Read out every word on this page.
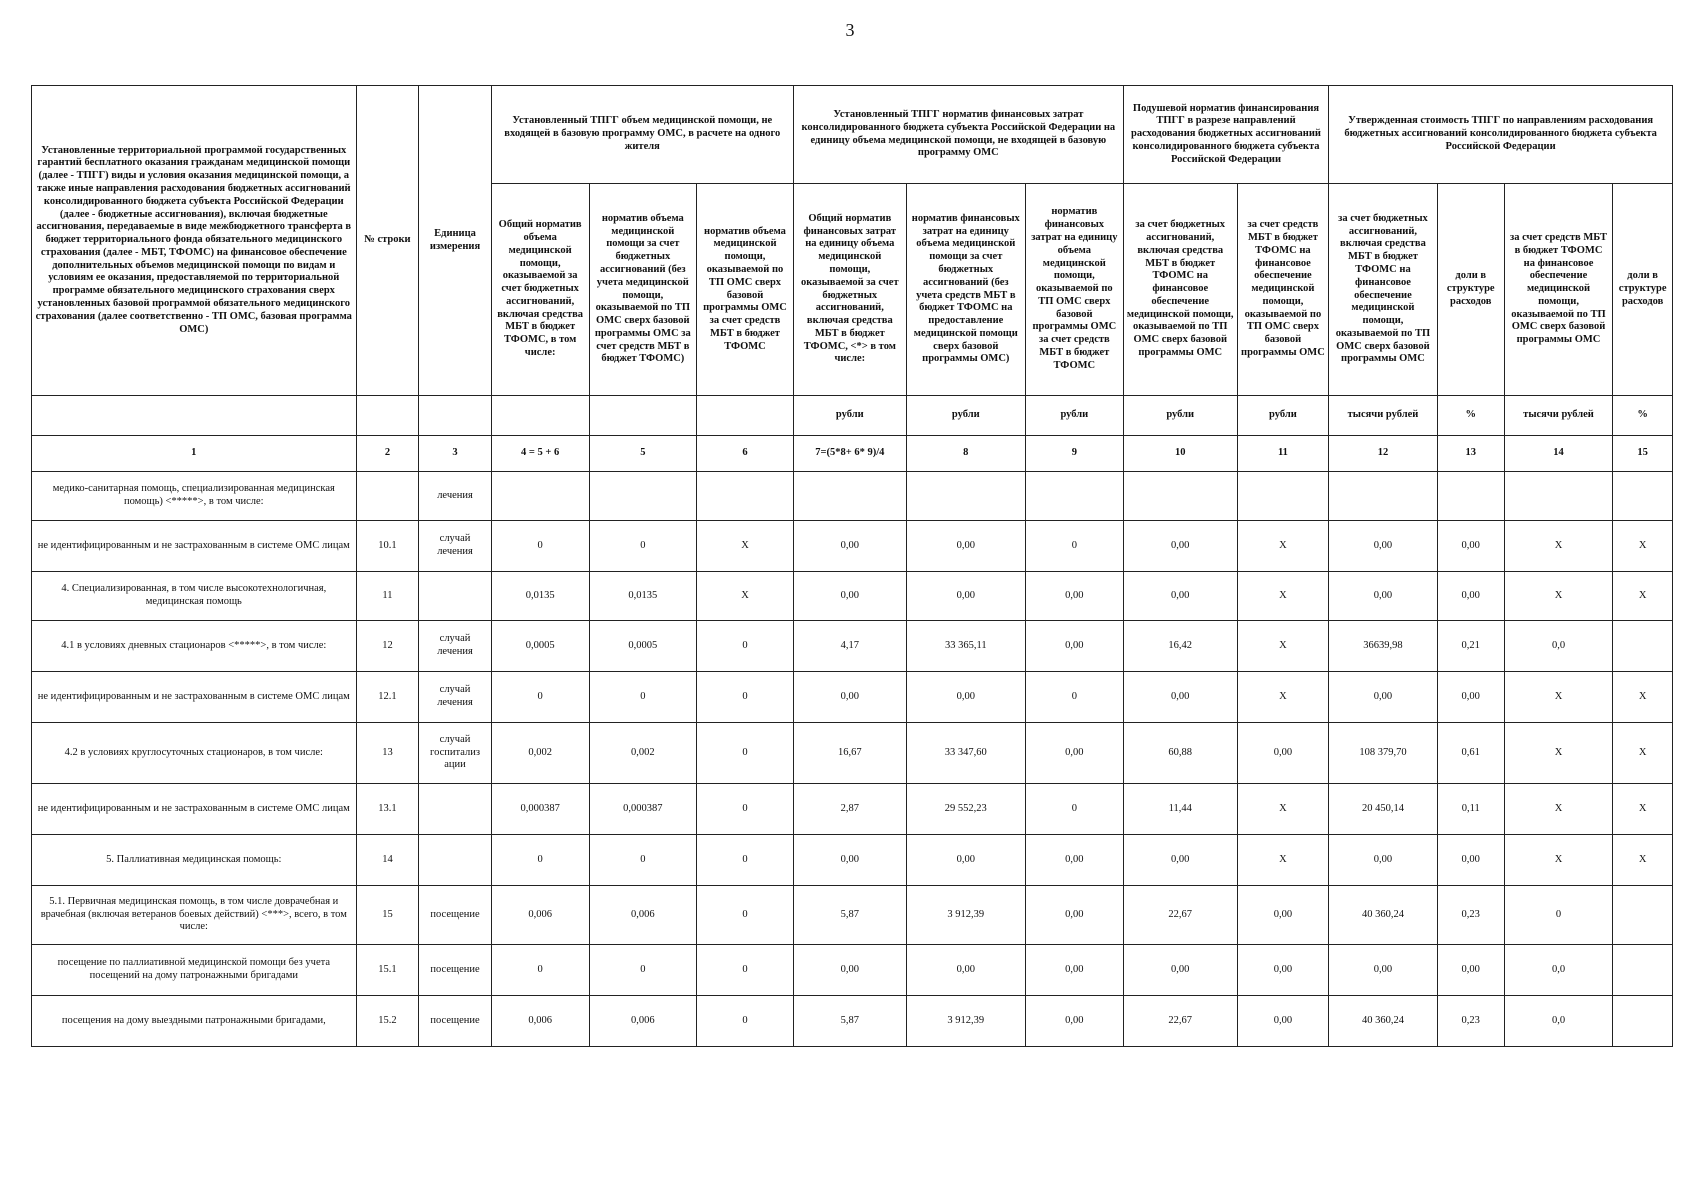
3
Установленные территориальной программой государственных гарантий бесплатного оказания гражданам медицинской помощи (далее - ТПГГ) виды и условия оказания медицинской помощи, а также иные направления расходования бюджетных ассигнований консолидированного бюджета субъекта Российской Федерации (далее - бюджетные ассигнования), включая бюджетные ассигнования, передаваемые в виде межбюджетного трансферта в бюджет территориального фонда обязательного медицинского страхования (далее - МБТ, ТФОМС) на финансовое обеспечение дополнительных объемов медицинской помощи по видам и условиям ее оказания, предоставляемой по территориальной программе обязательного медицинского страхования сверх установленных базовой программой обязательного медицинского страхования (далее соответственно - ТП ОМС, базовая программа ОМС)	№ строки	Единица измерения	Установленный ТПГГ объем медицинской помощи, не входящей в базовую программу ОМС, в расчете на одного жителя			Установленный ТПГГ норматив финансовых затрат консолидированного бюджета субъекта Российской Федерации на единицу объема медицинской помощи, не входящей в базовую программу ОМС			Подушевой норматив финансирования ТПГГ в разрезе направлений расходования бюджетных ассигнований консолидированного бюджета субъекта Российской Федерации		Утвержденная стоимость ТПГГ по направлениям расходования бюджетных ассигнований консолидированного бюджета субъекта Российской Федерации			
			Общий норматив объема медицинской помощи, оказываемой за счет бюджетных ассигнований, включая средства МБТ в бюджет ТФОМС, в том числе:	норматив объема медицинской помощи за счет бюджетных ассигнований (без учета медицинской помощи, оказываемой по ТП ОМС сверх базовой программы ОМС за счет средств МБТ в бюджет ТФОМС)	норматив объема медицинской помощи, оказываемой по ТП ОМС сверх базовой программы ОМС за счет средств МБТ в бюджет ТФОМС	Общий норматив финансовых затрат на единицу объема медицинской помощи, оказываемой за счет бюджетных ассигнований, включая средства МБТ в бюджет ТФОМС, <*> в том числе:	норматив финансовых затрат на единицу объема медицинской помощи за счет бюджетных ассигнований (без учета средств МБТ в бюджет ТФОМС на предоставление медицинской помощи сверх базовой программы ОМС)	норматив финансовых затрат на единицу объема медицинской помощи, оказываемой по ТП ОМС сверх базовой программы ОМС за счет средств МБТ в бюджет ТФОМС	за счет бюджетных ассигнований, включая средства МБТ в бюджет ТФОМС на финансовое обеспечение медицинской помощи, оказываемой по ТП ОМС сверх базовой программы ОМС	за счет средств МБТ в бюджет ТФОМС на финансовое обеспечение медицинской помощи, оказываемой по ТП ОМС сверх базовой программы ОМС	за счет бюджетных ассигнований, включая средства МБТ в бюджет ТФОМС на финансовое обеспечение медицинской помощи, оказываемой по ТП ОМС сверх базовой программы ОМС	доли в структуре расходов	за счет средств МБТ в бюджет ТФОМС на финансовое обеспечение медицинской помощи, оказываемой по ТП ОМС сверх базовой программы ОМС	доли в структуре расходов
						рубли	рубли	рубли	рубли	рубли	тысячи рублей	%	тысячи рублей	%
1	2	3	4 = 5 + 6	5	6	7=(5*8+ 6* 9)/4	8	9	10	11	12	13	14	15
медико-санитарная помощь, специализированная медицинская помощь) <*****>, в том числе:		лечения												
не идентифицированным и не застрахованным в системе ОМС лицам	10.1	случай лечения	0	0	X	0,00	0,00	0	0,00	X	0,00	0,00	X	X
4. Специализированная, в том числе высокотехнологичная, медицинская помощь	11		0,0135	0,0135	X	0,00	0,00	0,00	0,00	X	0,00	0,00	X	X
4.1 в условиях дневных стационаров <*****>, в том числе:	12	случай лечения	0,0005	0,0005	0	4,17	33 365,11	0,00	16,42	X	36639,98	0,21	0,0	
не идентифицированным и не застрахованным в системе ОМС лицам	12.1	случай лечения	0	0	0	0,00	0,00	0	0,00	X	0,00	0,00	X	X
4.2 в условиях круглосуточных стационаров, в том числе:	13	случай госпитализ ации	0,002	0,002	0	16,67	33 347,60	0,00	60,88	0,00	108 379,70	0,61	X	X
не идентифицированным и не застрахованным в системе ОМС лицам	13.1		0,000387	0,000387	0	2,87	29 552,23	0	11,44	X	20 450,14	0,11	X	X
5. Паллиативная медицинская помощь:	14		0	0	0	0,00	0,00	0,00	0,00	X	0,00	0,00	X	X
5.1. Первичная медицинская помощь, в том числе доврачебная и врачебная (включая ветеранов боевых действий) <***>, всего, в том числе:	15	посещение	0,006	0,006	0	5,87	3 912,39	0,00	22,67	0,00	40 360,24	0,23	0	
посещение по паллиативной медицинской помощи без учета посещений на дому патронажными бригадами	15.1	посещение	0	0	0	0,00	0,00	0,00	0,00	0,00	0,00	0,00	0,0	
посещения на дому выездными патронажными бригадами,	15.2	посещение	0,006	0,006	0	5,87	3 912,39	0,00	22,67	0,00	40 360,24	0,23	0,0	
